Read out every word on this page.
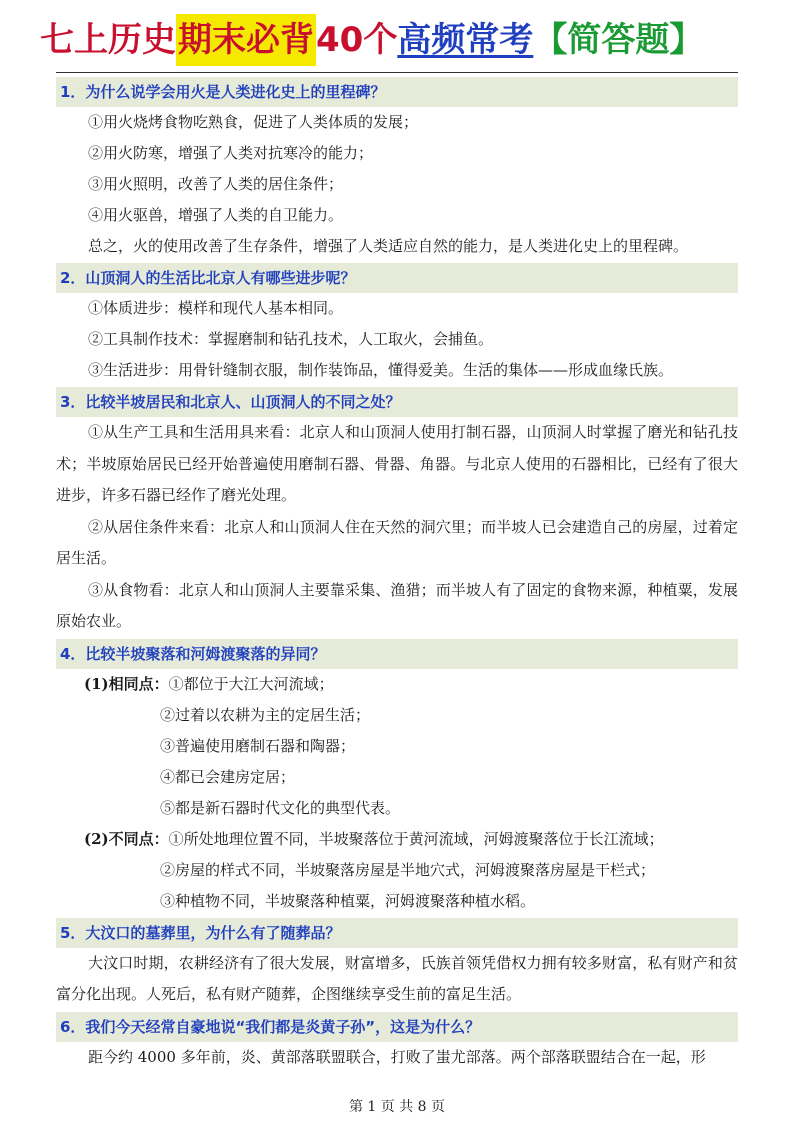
七上历史期末必背40个高频常考【简答题】
1．为什么说学会用火是人类进化史上的里程碑？
①用火烧烤食物吃熟食，促进了人类体质的发展；
②用火防寒，增强了人类对抗寒冷的能力；
③用火照明，改善了人类的居住条件；
④用火驱兽，增强了人类的自卫能力。
总之，火的使用改善了生存条件，增强了人类适应自然的能力，是人类进化史上的里程碑。
2．山顶洞人的生活比北京人有哪些进步呢？
①体质进步：模样和现代人基本相同。
②工具制作技术：掌握磨制和钻孔技术，人工取火，会捕鱼。
③生活进步：用骨针缝制衣服，制作装饰品，懂得爱美。生活的集体——形成血缘氏族。
3．比较半坡居民和北京人、山顶洞人的不同之处？
①从生产工具和生活用具来看：北京人和山顶洞人使用打制石器，山顶洞人时掌握了磨光和钻孔技术；半坡原始居民已经开始普遍使用磨制石器、骨器、角器。与北京人使用的石器相比，已经有了很大进步，许多石器已经作了磨光处理。
②从居住条件来看：北京人和山顶洞人住在天然的洞穴里；而半坡人已会建造自己的房屋，过着定居生活。
③从食物看：北京人和山顶洞人主要靠采集、渔猎；而半坡人有了固定的食物来源，种植粟，发展原始农业。
4．比较半坡聚落和河姆渡聚落的异同？
(1)相同点：①都位于大江大河流域；
②过着以农耕为主的定居生活；
③普遍使用磨制石器和陶器；
④都已会建房定居；
⑤都是新石器时代文化的典型代表。
(2)不同点：①所处地理位置不同，半坡聚落位于黄河流域，河姆渡聚落位于长江流域；
②房屋的样式不同，半坡聚落房屋是半地穴式，河姆渡聚落房屋是干栏式；
③种植物不同，半坡聚落种植粟，河姆渡聚落种植水稻。
5．大汶口的墓葬里，为什么有了随葬品？
大汶口时期，农耕经济有了很大发展，财富增多，氏族首领凭借权力拥有较多财富，私有财产和贫富分化出现。人死后，私有财产随葬，企图继续享受生前的富足生活。
6．我们今天经常自豪地说“我们都是炎黄子孙”，这是为什么？
距今约 4000 多年前，炎、黄部落联盟联合，打败了蚩尤部落。两个部落联盟结合在一起，形
第 1 页 共 8 页
